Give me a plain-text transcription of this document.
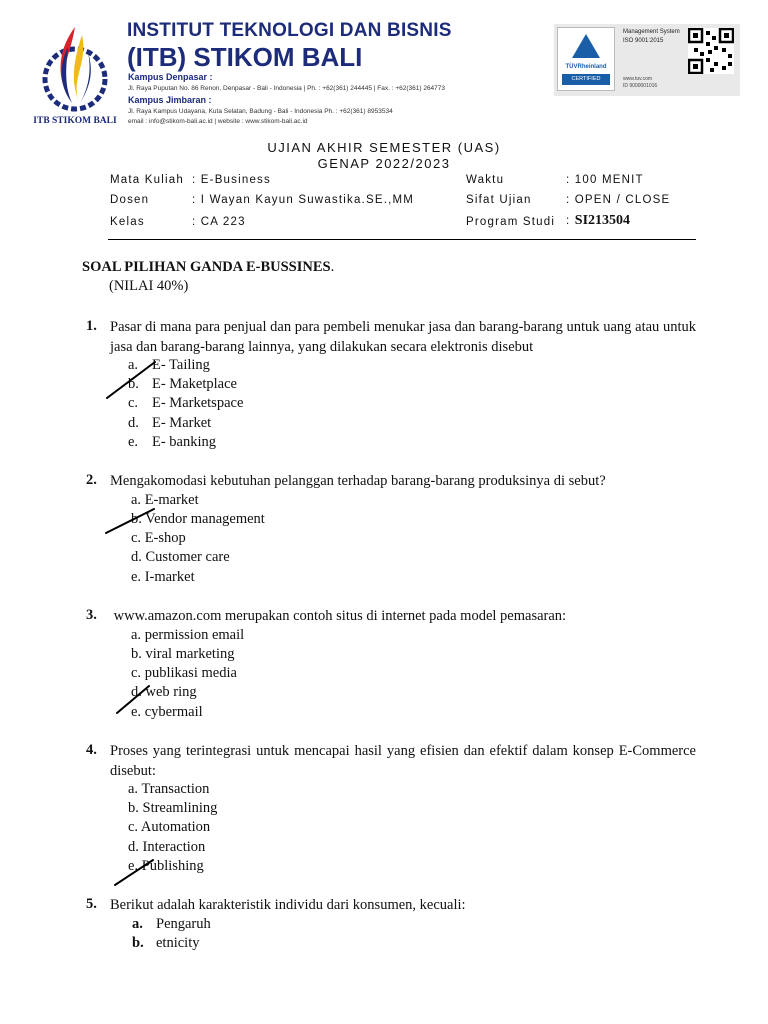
ITB STIKOM BALI
INSTITUT TEKNOLOGI DAN BISNIS
(ITB) STIKOM BALI
Kampus Denpasar :
Jl. Raya Puputan No. 86 Renon, Denpasar - Bali - Indonesia | Ph. : +62(361) 244445 | Fax. : +62(361) 264773
Kampus Jimbaran :
Jl. Raya Kampus Udayana, Kuta Selatan, Badung - Bali - Indonesia Ph. : +62(361) 8953534
email : info@stikom-bali.ac.id | website : www.stikom-bali.ac.id
TÜVRheinland
CERTIFIED
Management System ISO 9001:2015
www.tuv.com
ID 9000001016
UJIAN AKHIR SEMESTER (UAS)
GENAP 2022/2023
Mata Kuliah : E-Business	Waktu	: 100 MENIT
Dosen	: I Wayan Kayun Suwastika.SE.,MM	Sifat Ujian	: OPEN / CLOSE
Kelas	: CA 223	Program Studi : SI213504
SOAL PILIHAN GANDA E-BUSSINES.
(NILAI 40%)
1. Pasar di mana para penjual dan para pembeli menukar jasa dan barang-barang untuk uang atau untuk jasa dan barang-barang lainnya, yang dilakukan secara elektronis disebut
a. E- Tailing
b. E- Maketplace
c. E- Marketspace
d. E- Market
e. E- banking
2. Mengakomodasi kebutuhan pelanggan terhadap barang-barang produksinya di sebut?
a. E-market
b. Vendor management
c. E-shop
d. Customer care
e. I-market
3. www.amazon.com merupakan contoh situs di internet pada model pemasaran:
a. permission email
b. viral marketing
c. publikasi media
d. web ring
e. cybermail
4. Proses yang terintegrasi untuk mencapai hasil yang efisien dan efektif dalam konsep E-Commerce disebut:
a. Transaction
b. Streamlining
c. Automation
d. Interaction
e. Publishing
5. Berikut adalah karakteristik individu dari konsumen, kecuali:
a. Pengaruh
b. etnicity
